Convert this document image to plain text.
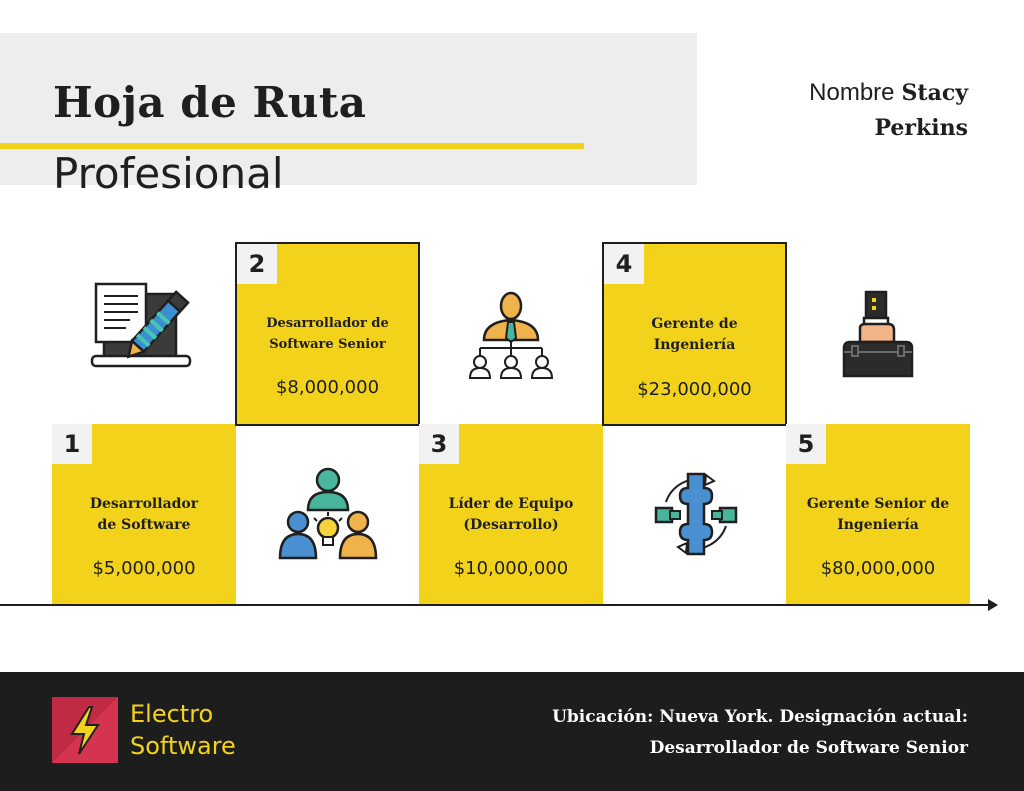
Hoja de Ruta
Profesional
Nombre Stacy Perkins
1
Desarrollador de Software
$5,000,000
2
Desarrollador de Software Senior
$8,000,000
3
Líder de Equipo (Desarrollo)
$10,000,000
4
Gerente de Ingeniería
$23,000,000
5
Gerente Senior de Ingeniería
$80,000,000
Electro
Software
Ubicación: Nueva York. Designación actual:
Desarrollador de Software Senior
